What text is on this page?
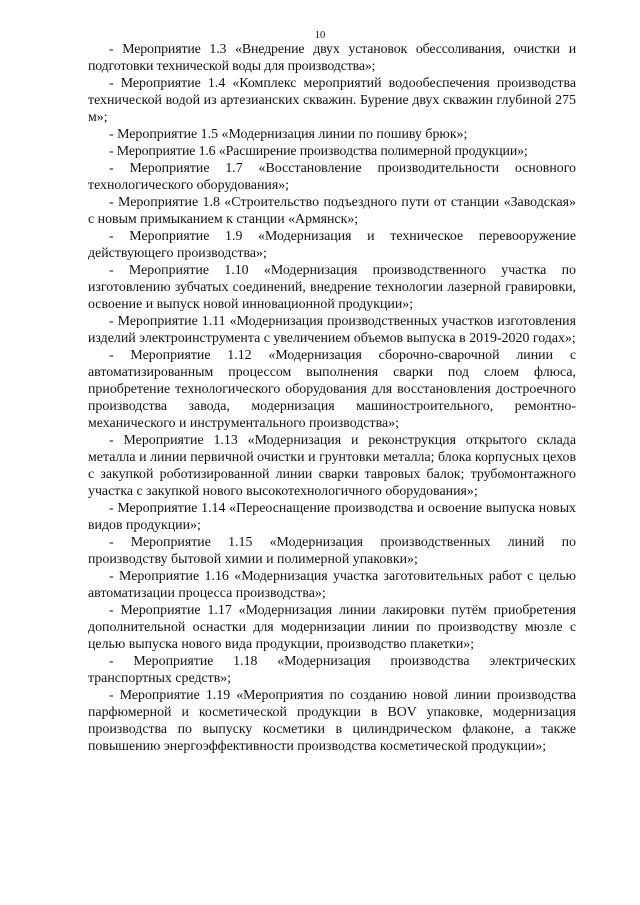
10

- Мероприятие 1.3 «Внедрение двух установок обессоливания, очистки и подготовки технической воды для производства»;

- Мероприятие 1.4 «Комплекс мероприятий водообеспечения производства технической водой из артезианских скважин. Бурение двух скважин глубиной 275 м»;

- Мероприятие 1.5 «Модернизация линии по пошиву брюк»;

- Мероприятие 1.6 «Расширение производства полимерной продукции»;

- Мероприятие 1.7 «Восстановление производительности основного технологического оборудования»;

- Мероприятие 1.8 «Строительство подъездного пути от станции «Заводская» с новым примыканием к станции «Армянск»;

- Мероприятие 1.9 «Модернизация и техническое перевооружение действующего производства»;

- Мероприятие 1.10 «Модернизация производственного участка по изготовлению зубчатых соединений, внедрение технологии лазерной гравировки, освоение и выпуск новой инновационной продукции»;

- Мероприятие 1.11 «Модернизация производственных участков изготовления изделий электроинструмента с увеличением объемов выпуска в 2019-2020 годах»;

- Мероприятие 1.12 «Модернизация сборочно-сварочной линии с автоматизированным процессом выполнения сварки под слоем флюса, приобретение технологического оборудования для восстановления достроечного производства завода, модернизация машиностроительного, ремонтно-механического и инструментального производства»;

- Мероприятие 1.13 «Модернизация и реконструкция открытого склада металла и линии первичной очистки и грунтовки металла; блока корпусных цехов с закупкой роботизированной линии сварки тавровых балок; трубомонтажного участка с закупкой нового высокотехнологичного оборудования»;

- Мероприятие 1.14 «Переоснащение производства и освоение выпуска новых видов продукции»;

- Мероприятие 1.15 «Модернизация производственных линий по производству бытовой химии и полимерной упаковки»;

- Мероприятие 1.16 «Модернизация участка заготовительных работ с целью автоматизации процесса производства»;

- Мероприятие 1.17 «Модернизация линии лакировки путём приобретения дополнительной оснастки для модернизации линии по производству мюзле с целью выпуска нового вида продукции, производство плакетки»;

- Мероприятие 1.18 «Модернизация производства электрических транспортных средств»;

- Мероприятие 1.19 «Мероприятия по созданию новой линии производства парфюмерной и косметической продукции в BOV упаковке, модернизация производства по выпуску косметики в цилиндрическом флаконе, а также повышению энергоэффективности производства косметической продукции»;
